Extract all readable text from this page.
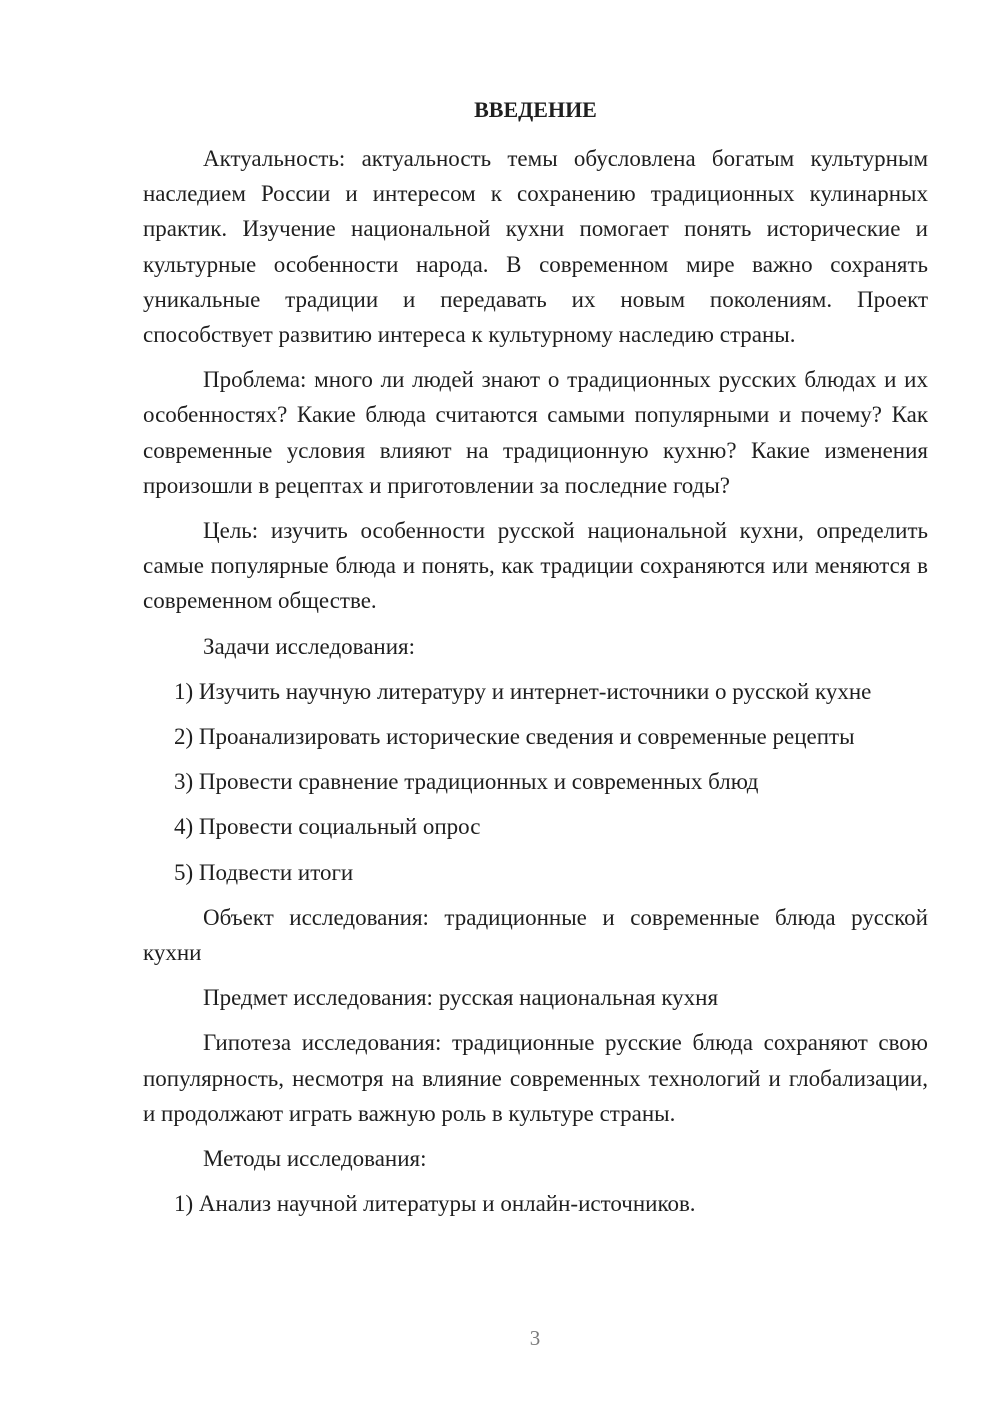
ВВЕДЕНИЕ

Актуальность: актуальность темы обусловлена богатым культурным наследием России и интересом к сохранению традиционных кулинарных практик. Изучение национальной кухни помогает понять исторические и культурные особенности народа. В современном мире важно сохранять уникальные традиции и передавать их новым поколениям. Проект способствует развитию интереса к культурному наследию страны.

Проблема: много ли людей знают о традиционных русских блюдах и их особенностях? Какие блюда считаются самыми популярными и почему? Как современные условия влияют на традиционную кухню? Какие изменения произошли в рецептах и приготовлении за последние годы?

Цель: изучить особенности русской национальной кухни, определить самые популярные блюда и понять, как традиции сохраняются или меняются в современном обществе.

Задачи исследования:

1) Изучить научную литературу и интернет-источники о русской кухне
2) Проанализировать исторические сведения и современные рецепты
3) Провести сравнение традиционных и современных блюд
4) Провести социальный опрос
5) Подвести итоги

Объект исследования: традиционные и современные блюда русской кухни

Предмет исследования: русская национальная кухня

Гипотеза исследования: традиционные русские блюда сохраняют свою популярность, несмотря на влияние современных технологий и глобализации, и продолжают играть важную роль в культуре страны.

Методы исследования:

1) Анализ научной литературы и онлайн-источников.
3
